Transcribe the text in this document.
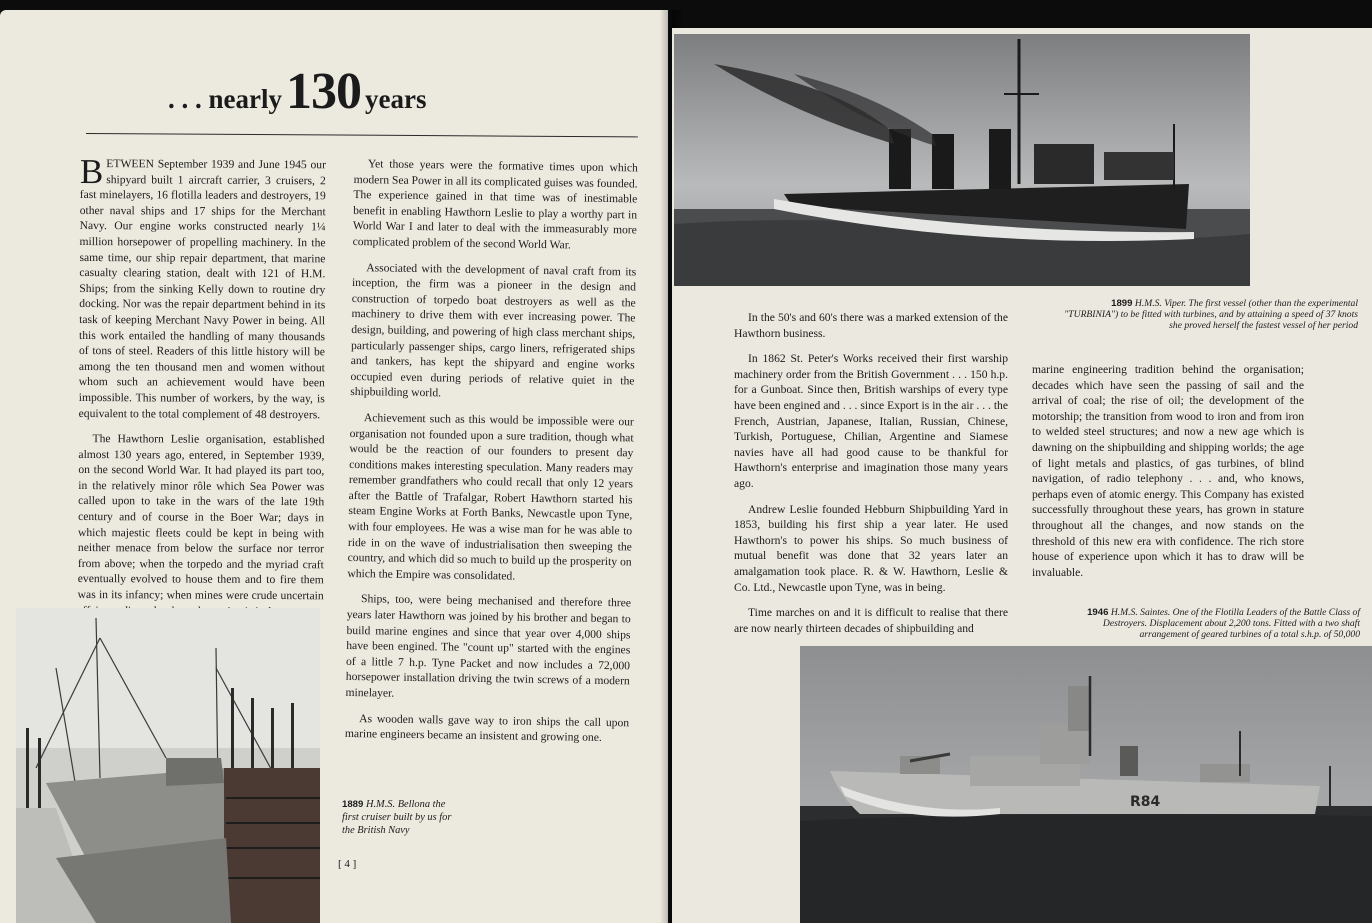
. . . nearly 130 years

BETWEEN September 1939 and June 1945 our shipyard built 1 aircraft carrier, 3 cruisers, 2 fast minelayers, 16 flotilla leaders and destroyers, 19 other naval ships and 17 ships for the Merchant Navy. Our engine works constructed nearly 1¼ million horsepower of propelling machinery. In the same time, our ship repair department, that marine casualty clearing station, dealt with 121 of H.M. Ships; from the sinking Kelly down to routine dry docking. Nor was the repair department behind in its task of keeping Merchant Navy Power in being. All this work entailed the handling of many thousands of tons of steel. Readers of this little history will be among the ten thousand men and women without whom such an achievement would have been impossible. This number of workers, by the way, is equivalent to the total complement of 48 destroyers.

The Hawthorn Leslie organisation, established almost 130 years ago, entered, in September 1939, on the second World War. It had played its part too, in the relatively minor rôle which Sea Power was called upon to take in the wars of the late 19th century and of course in the Boer War; days in which majestic fleets could be kept in being with neither menace from below the surface nor terror from above; when the torpedo and the myriad craft eventually evolved to house them and to fire them was in its infancy; when mines were crude uncertain

Yet those years were the formative times upon which modern Sea Power in all its complicated guises was founded. The experience gained in that time was of inestimable benefit in enabling Hawthorn Leslie to play a worthy part in World War I and later to deal with the immeasurably more complicated problem of the second World War.

Associated with the development of naval craft from its inception, the firm was a pioneer in the design and construction of torpedo boat destroyers as well as the machinery to drive them with ever increasing power. The design, building, and powering of high class merchant ships, particularly passenger ships, cargo liners, refrigerated ships and tankers, has kept the shipyard and engine works occupied even during periods of relative quiet in the shipbuilding world.

Achievement such as this would be impossible were our organisation not founded upon a sure tradition, though what would be the reaction of our founders to present day conditions makes interesting speculation. Many readers may remember grandfathers who could recall that only 12 years after the Battle of Trafalgar, Robert Hawthorn started his steam Engine Works at Forth Banks, Newcastle upon Tyne, with four employees. He was a wise man for he was able to ride in on the wave of industrialisation then sweeping the country, and which did so much to build up the prosperity on which the Empire was consolidated.

Ships, too, were being mechanised and therefore three years later Hawthorn was joined by his brother and began to build marine engines and since that year over 4,000 ships have been engined. The "count up" started with the engines of a little 7 h.p. Tyne Packet and now includes a 72,000 horsepower installation driving the twin screws of a modern minelayer.

As wooden walls gave way to iron ships the call upon marine engineers became an insistent and growing one.

1889 H.M.S. Bellona the first cruiser built by us for the British Navy
[ 4 ]
1899 H.M.S. Viper. The first vessel (other than the experimental "TURBINIA") to be fitted with turbines, and by attaining a speed of 37 knots she proved herself the fastest vessel of her period

In the 50's and 60's there was a marked extension of the Hawthorn business.

In 1862 St. Peter's Works received their first warship machinery order from the British Government . . . 150 h.p. for a Gunboat. Since then, British warships of every type have been engined and . . . since Export is in the air . . . the French, Austrian, Japanese, Italian, Russian, Chinese, Turkish, Portuguese, Chilian, Argentine and Siamese navies have all had good cause to be thankful for Hawthorn's enterprise and imagination those many years ago.

Andrew Leslie founded Hebburn Shipbuilding Yard in 1853, building his first ship a year later. He used Hawthorn's to power his ships. So much business of mutual benefit was done that 32 years later an amalgamation took place. R. & W. Hawthorn, Leslie & Co. Ltd., Newcastle upon Tyne, was in being.

Time marches on and it is difficult to realise that there are now nearly thirteen decades of shipbuilding and

marine engineering tradition behind the organisation; decades which have seen the passing of sail and the arrival of coal; the rise of oil; the development of the motorship; the transition from wood to iron and from iron to welded steel structures; and now a new age which is dawning on the shipbuilding and shipping worlds; the age of light metals and plastics, of gas turbines, of blind navigation, of radio telephony . . . and, who knows, perhaps even of atomic energy. This Company has existed successfully throughout these years, has grown in stature throughout all the changes, and now stands on the threshold of this new era with confidence. The rich store house of experience upon which it has to draw will be invaluable.

1946 H.M.S. Saintes. One of the Flotilla Leaders of the Battle Class of Destroyers. Displacement about 2,200 tons. Fitted with a two shaft arrangement of geared turbines of a total s.h.p. of 50,000
R84
